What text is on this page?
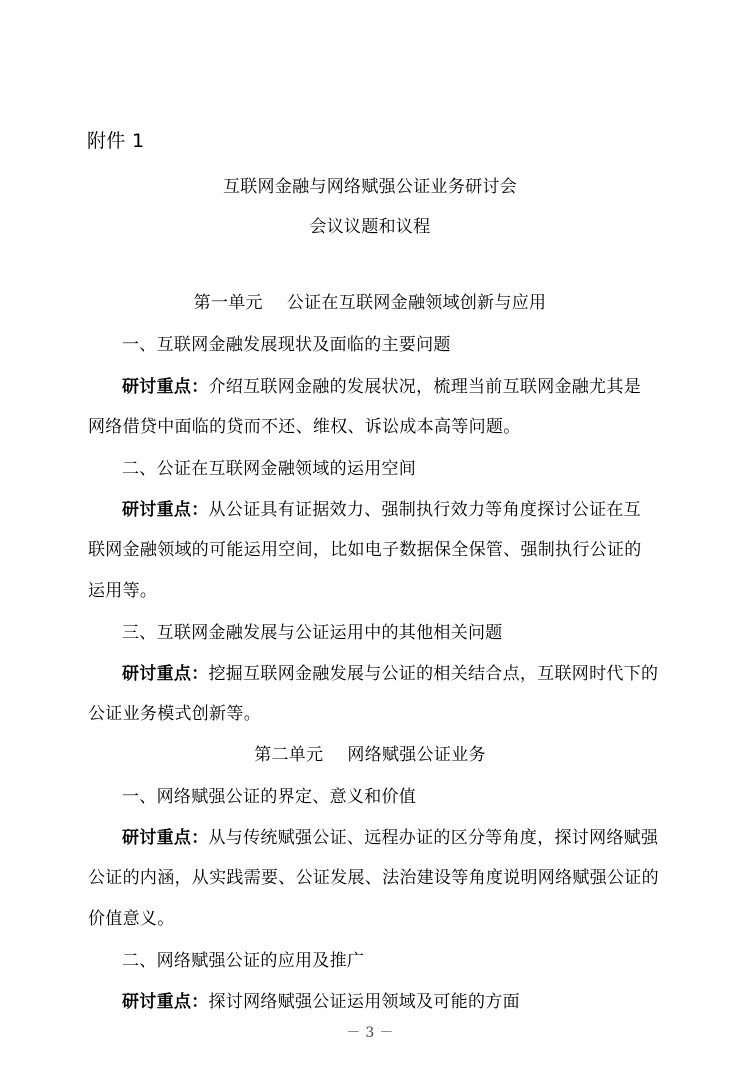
附件 1
互联网金融与网络赋强公证业务研讨会
会议议题和议程
第一单元 公证在互联网金融领域创新与应用
一、互联网金融发展现状及面临的主要问题
研讨重点：介绍互联网金融的发展状况，梳理当前互联网金融尤其是
网络借贷中面临的贷而不还、维权、诉讼成本高等问题。
二、公证在互联网金融领域的运用空间
研讨重点：从公证具有证据效力、强制执行效力等角度探讨公证在互
联网金融领域的可能运用空间，比如电子数据保全保管、强制执行公证的
运用等。
三、互联网金融发展与公证运用中的其他相关问题
研讨重点：挖掘互联网金融发展与公证的相关结合点，互联网时代下的
公证业务模式创新等。
第二单元 网络赋强公证业务
一、网络赋强公证的界定、意义和价值
研讨重点：从与传统赋强公证、远程办证的区分等角度，探讨网络赋强
公证的内涵，从实践需要、公证发展、法治建设等角度说明网络赋强公证的
价值意义。
二、网络赋强公证的应用及推广
研讨重点：探讨网络赋强公证运用领域及可能的方面
－ 3 －
